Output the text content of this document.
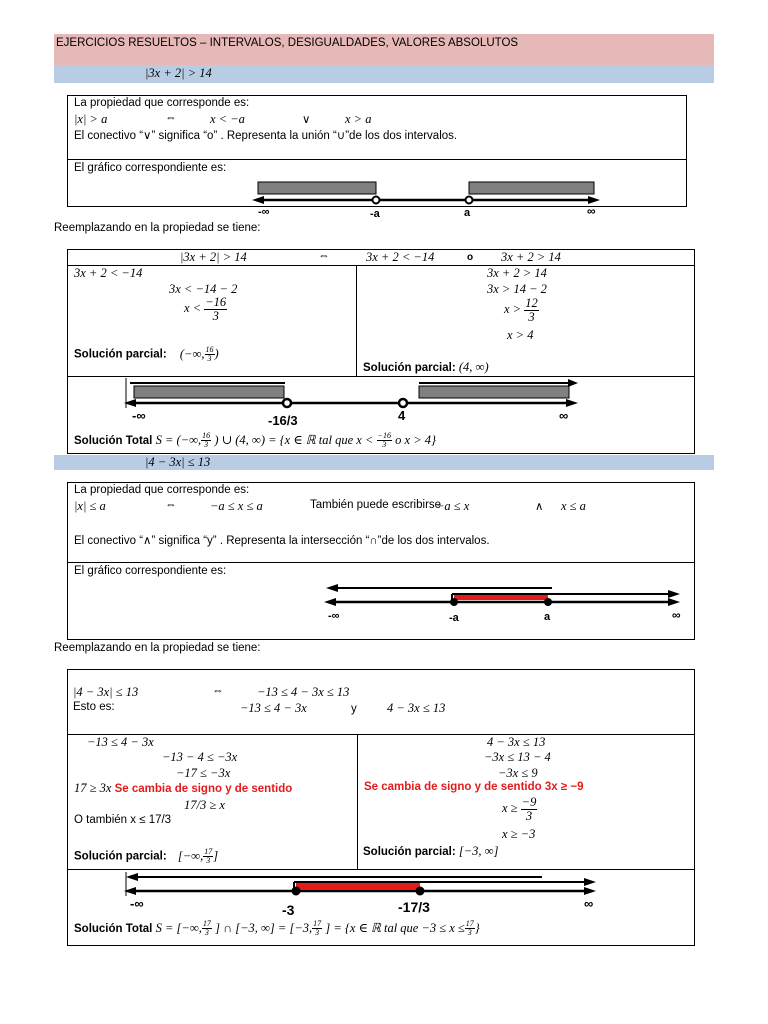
EJERCICIOS RESUELTOS – INTERVALOS, DESIGUALDADES, VALORES ABSOLUTOS
|3x + 2| > 14
La propiedad que corresponde es:
|x| > a	⇔	x < −a	∨	x > a
El conectivo “∨” significa “o” . Representa la unión “∪”de los dos intervalos.
El gráfico correspondiente es:
-∞	-a	a	∞
Reemplazando en la propiedad se tiene:
|3x + 2| > 14	⇔	3x + 2 < −14	o 3x + 2 > 14
3x + 2 < −14
3x < −14 − 2
$x < \frac{-16}{3}$
Solución parcial: (−∞, $\frac{16}{3}$ )
3x + 2 > 14
3x > 14 − 2
$x > \frac{12}{3}$
x > 4
Solución parcial: (4, ∞)
-∞	-16/3	4	∞
Solución Total S = (−∞, $\frac{16}{3}$ ) ∪ (4, ∞) = {x ∈ ℝ tal que $x < \frac{-16}{3}$ o x > 4}
|4 − 3x| ≤ 13
La propiedad que corresponde es:
|x| ≤ a	⇔	−a ≤ x ≤ a	También puede escribirse
−a ≤ x	∧ x ≤ a
El conectivo “∧” significa “y” . Representa la intersección “∩”de los dos intervalos.
El gráfico correspondiente es:
-∞	-a	a	∞
Reemplazando en la propiedad se tiene:
|4 − 3x| ≤ 13	⇔	−13 ≤ 4 − 3x ≤ 13
Esto es:	−13 ≤ 4 − 3x	y 4 − 3x ≤ 13
−13 ≤ 4 − 3x
−13 − 4 ≤ −3x
−17 ≤ −3x
17 ≥ 3x Se cambia de signo y de sentido
17/3 ≥ x
O también x ≤ 17/3
Solución parcial: [−∞, $\frac{17}{3}$ ]
4 − 3x ≤ 13
−3x ≤ 13 − 4
−3x ≤ 9
Se cambia de signo y de sentido 3x ≥ −9
$x \ge \frac{-9}{3}$
x ≥ −3
Solución parcial: [−3, ∞]
-∞	-3	-17/3	∞
Solución Total S = [−∞, $\frac{17}{3}$ ] ∩ [−3, ∞] = [−3, $\frac{17}{3}$ ] = {x ∈ ℝ tal que $-3 \le x \le \frac{17}{3}$ }
